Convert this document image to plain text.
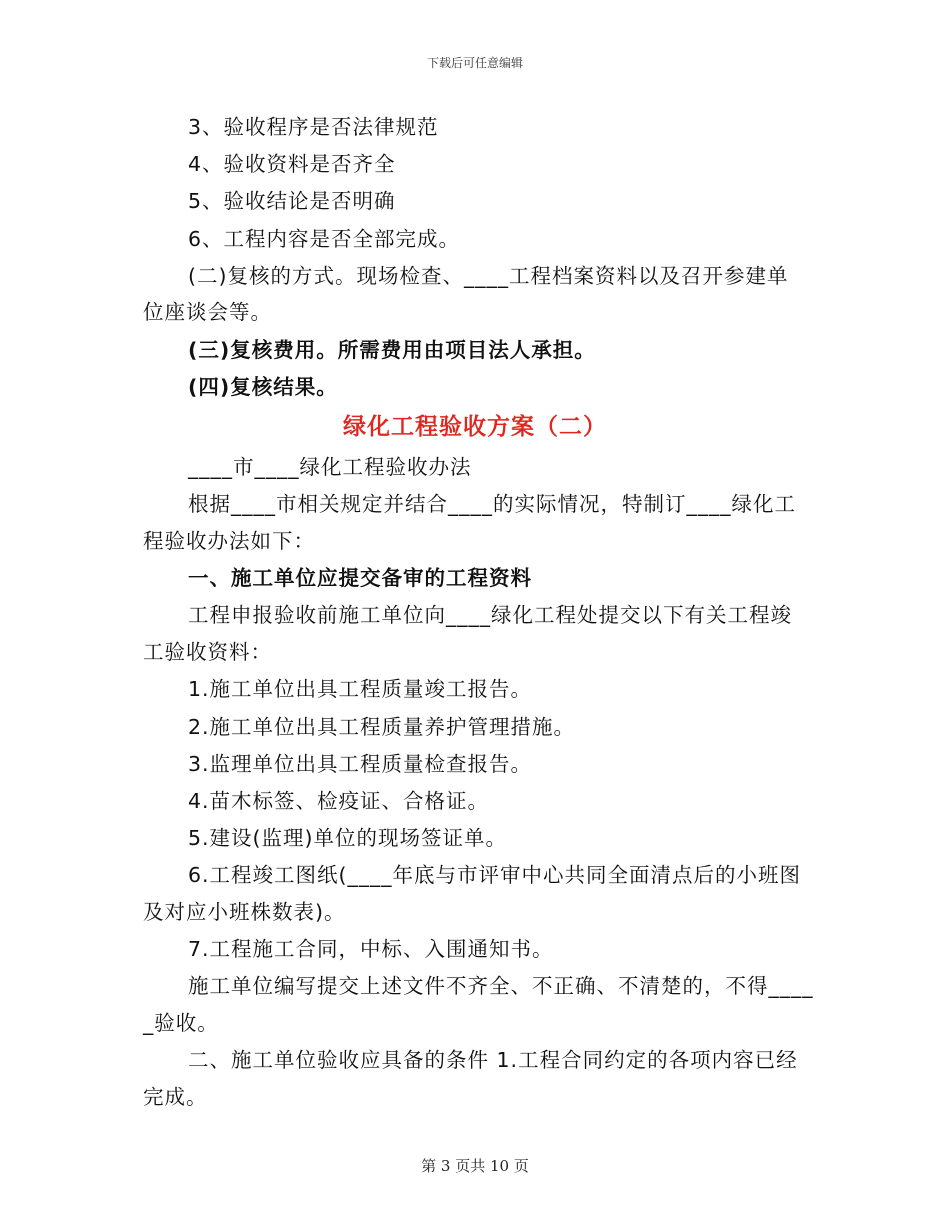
下载后可任意编辑
3、验收程序是否法律规范
4、验收资料是否齐全
5、验收结论是否明确
6、工程内容是否全部完成。
(二)复核的方式。现场检查、____工程档案资料以及召开参建单
位座谈会等。
(三)复核费用。所需费用由项目法人承担。
(四)复核结果。
绿化工程验收方案（二）
____市____绿化工程验收办法
根据____市相关规定并结合____的实际情况，特制订____绿化工
程验收办法如下：
一、施工单位应提交备审的工程资料
工程申报验收前施工单位向____绿化工程处提交以下有关工程竣
工验收资料：
1.施工单位出具工程质量竣工报告。
2.施工单位出具工程质量养护管理措施。
3.监理单位出具工程质量检查报告。
4.苗木标签、检疫证、合格证。
5.建设(监理)单位的现场签证单。
6.工程竣工图纸(____年底与市评审中心共同全面清点后的小班图
及对应小班株数表)。
7.工程施工合同，中标、入围通知书。
施工单位编写提交上述文件不齐全、不正确、不清楚的，不得____
_验收。
二、施工单位验收应具备的条件 1.工程合同约定的各项内容已经
完成。
第 3 页共 10 页
